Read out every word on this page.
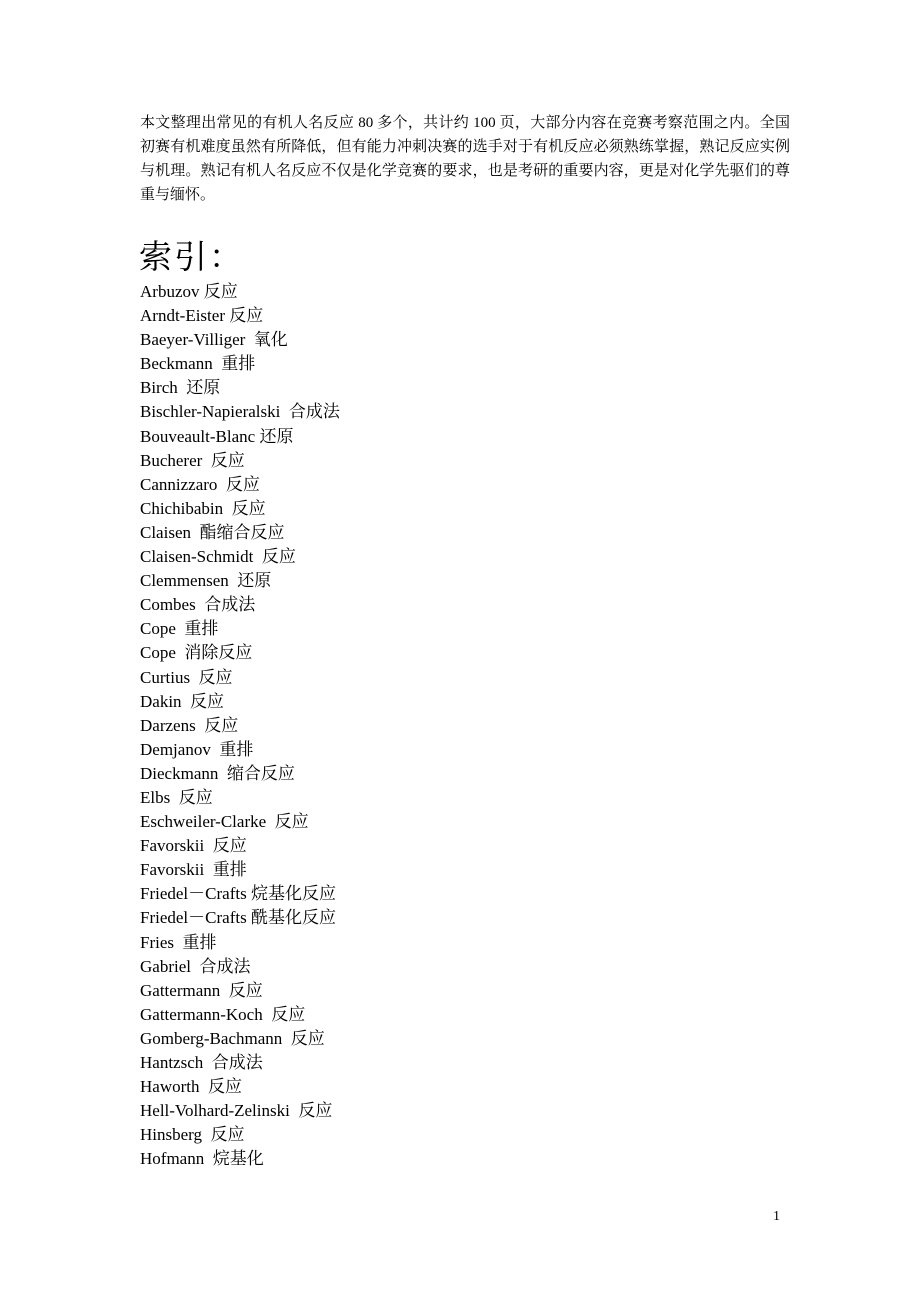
本文整理出常见的有机人名反应 80 多个，共计约 100 页，大部分内容在竞赛考察范围之内。全国初赛有机难度虽然有所降低，但有能力冲刺决赛的选手对于有机反应必须熟练掌握，熟记反应实例与机理。熟记有机人名反应不仅是化学竞赛的要求，也是考研的重要内容，更是对化学先驱们的尊重与缅怀。

索引：
Arbuzov 反应
Arndt-Eister 反应
Baeyer-Villiger  氧化
Beckmann  重排
Birch  还原
Bischler-Napieralski  合成法
Bouveault-Blanc 还原
Bucherer  反应
Cannizzaro  反应
Chichibabin  反应
Claisen  酯缩合反应
Claisen-Schmidt  反应
Clemmensen  还原
Combes  合成法
Cope  重排
Cope  消除反应
Curtius  反应
Dakin  反应
Darzens  反应
Demjanov  重排
Dieckmann  缩合反应
Elbs  反应
Eschweiler-Clarke  反应
Favorskii  反应
Favorskii  重排
Friedel－Crafts 烷基化反应
Friedel－Crafts 酰基化反应
Fries  重排
Gabriel  合成法
Gattermann  反应
Gattermann-Koch  反应
Gomberg-Bachmann  反应
Hantzsch  合成法
Haworth  反应
Hell-Volhard-Zelinski  反应
Hinsberg  反应
Hofmann  烷基化
1
